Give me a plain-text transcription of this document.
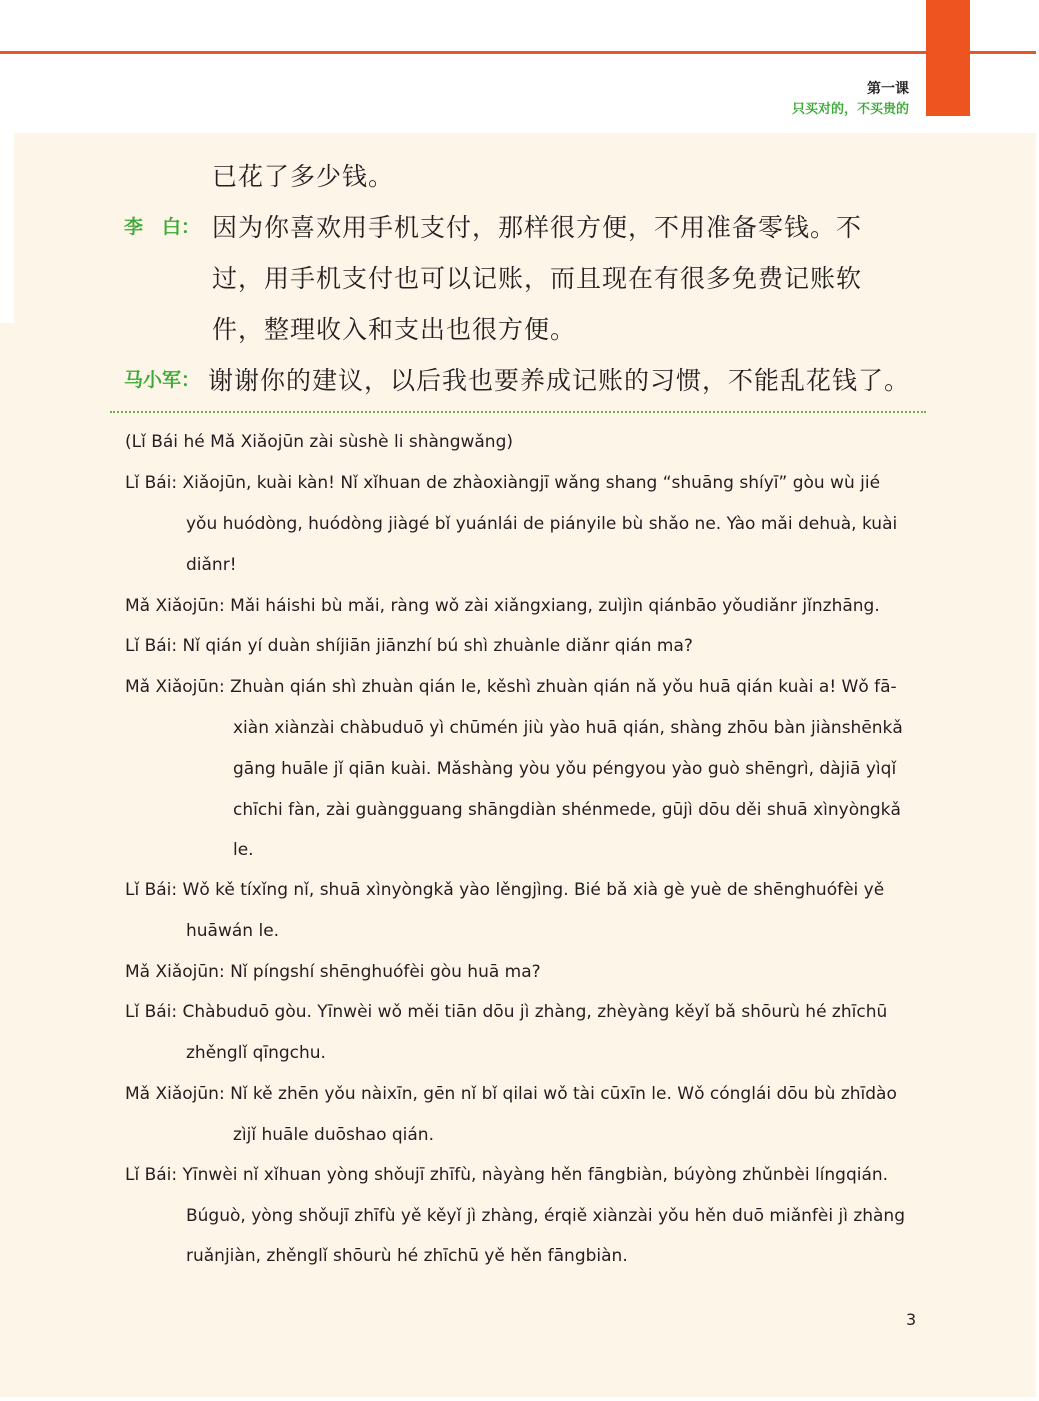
第一课
只买对的，不买贵的
已花了多少钱。
李　白： 因为你喜欢用手机支付，那样很方便，不用准备零钱。不
过，用手机支付也可以记账，而且现在有很多免费记账软
件，整理收入和支出也很方便。
马小军： 谢谢你的建议，以后我也要养成记账的习惯，不能乱花钱了。
(Lǐ Bái hé Mǎ Xiǎojūn zài sùshè li shàngwǎng)
Lǐ Bái: Xiǎojūn, kuài kàn! Nǐ xǐhuan de zhàoxiàngjī wǎng shang “shuāng shíyī” gòu wù jié
yǒu huódòng, huódòng jiàgé bǐ yuánlái de piányile bù shǎo ne. Yào mǎi dehuà, kuài
diǎnr!
Mǎ Xiǎojūn: Mǎi háishi bù mǎi, ràng wǒ zài xiǎngxiang, zuìjìn qiánbāo yǒudiǎnr jǐnzhāng.
Lǐ Bái: Nǐ qián yí duàn shíjiān jiānzhí bú shì zhuànle diǎnr qián ma?
Mǎ Xiǎojūn: Zhuàn qián shì zhuàn qián le, kěshì zhuàn qián nǎ yǒu huā qián kuài a! Wǒ fā-
xiàn xiànzài chàbuduō yì chūmén jiù yào huā qián, shàng zhōu bàn jiànshēnkǎ
gāng huāle jǐ qiān kuài. Mǎshàng yòu yǒu péngyou yào guò shēngrì, dàjiā yìqǐ
chīchi fàn, zài guàngguang shāngdiàn shénmede, gūjì dōu děi shuā xìnyòngkǎ
le.
Lǐ Bái: Wǒ kě tíxǐng nǐ, shuā xìnyòngkǎ yào lěngjìng. Bié bǎ xià gè yuè de shēnghuófèi yě
huāwán le.
Mǎ Xiǎojūn: Nǐ píngshí shēnghuófèi gòu huā ma?
Lǐ Bái: Chàbuduō gòu. Yīnwèi wǒ měi tiān dōu jì zhàng, zhèyàng kěyǐ bǎ shōurù hé zhīchū
zhěnglǐ qīngchu.
Mǎ Xiǎojūn: Nǐ kě zhēn yǒu nàixīn, gēn nǐ bǐ qilai wǒ tài cūxīn le. Wǒ cónglái dōu bù zhīdào
zìjǐ huāle duōshao qián.
Lǐ Bái: Yīnwèi nǐ xǐhuan yòng shǒujī zhīfù, nàyàng hěn fāngbiàn, búyòng zhǔnbèi língqián.
Búguò, yòng shǒujī zhīfù yě kěyǐ jì zhàng, érqiě xiànzài yǒu hěn duō miǎnfèi jì zhàng
ruǎnjiàn, zhěnglǐ shōurù hé zhīchū yě hěn fāngbiàn.
3
